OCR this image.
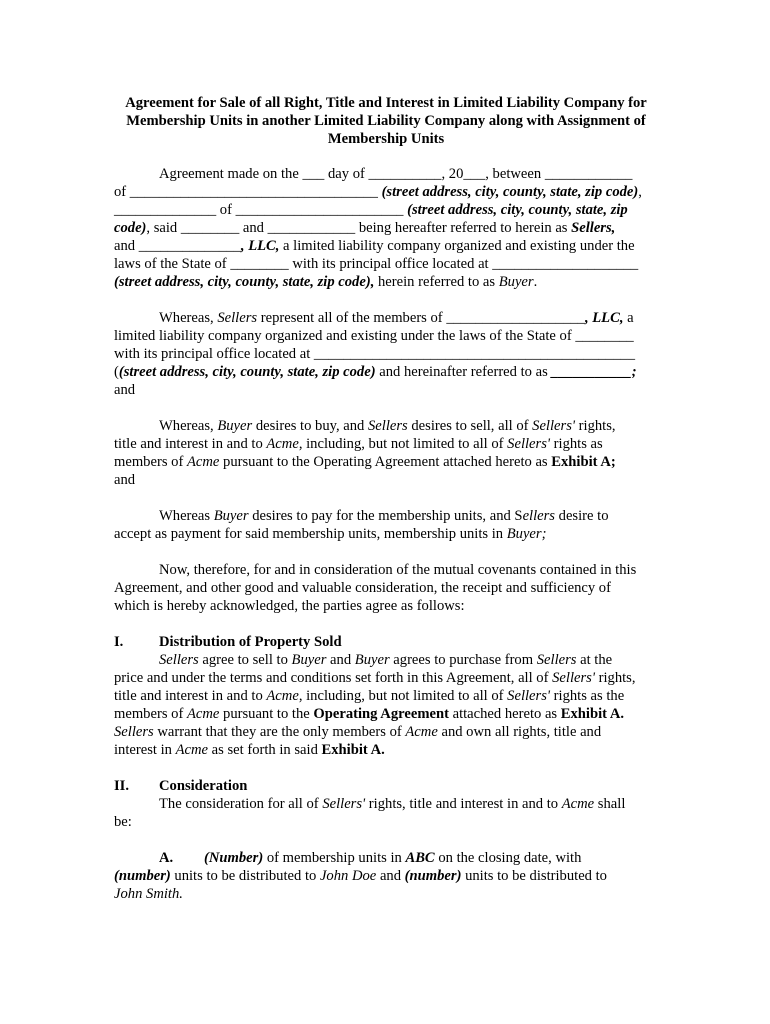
Agreement for Sale of all Right, Title and Interest in Limited Liability Company for Membership Units in another Limited Liability Company along with Assignment of Membership Units
Agreement made on the ___ day of __________, 20___, between ____________
of __________________________________ (street address, city, county, state, zip code),
______________ of _______________________ (street address, city, county, state, zip
code), said ________ and ____________ being hereafter referred to herein as Sellers,
and ______________, LLC, a limited liability company organized and existing under the
laws of the State of ________ with its principal office located at ____________________
(street address, city, county, state, zip code), herein referred to as Buyer.
Whereas, Sellers represent all of the members of ___________________, LLC, a
limited liability company organized and existing under the laws of the State of ________
with its principal office located at ____________________________________________
((street address, city, county, state, zip code) and hereinafter referred to as ___________;
and
Whereas, Buyer desires to buy, and Sellers desires to sell, all of Sellers' rights,
title and interest in and to Acme, including, but not limited to all of Sellers' rights as
members of Acme pursuant to the Operating Agreement attached hereto as Exhibit A;
and
Whereas Buyer desires to pay for the membership units, and Sellers desire to
accept as payment for said membership units, membership units in Buyer;
Now, therefore, for and in consideration of the mutual covenants contained in this
Agreement, and other good and valuable consideration, the receipt and sufficiency of
which is hereby acknowledged, the parties agree as follows:
I.	Distribution of Property Sold
Sellers agree to sell to Buyer and Buyer agrees to purchase from Sellers at the
price and under the terms and conditions set forth in this Agreement, all of Sellers' rights,
title and interest in and to Acme, including, but not limited to all of Sellers' rights as the
members of Acme pursuant to the Operating Agreement attached hereto as Exhibit A.
Sellers warrant that they are the only members of Acme and own all rights, title and
interest in Acme as set forth in said Exhibit A.
II.	Consideration
The consideration for all of Sellers' rights, title and interest in and to Acme shall
be:
A. (Number) of membership units in ABC on the closing date, with
(number) units to be distributed to John Doe and (number) units to be distributed to
John Smith.
